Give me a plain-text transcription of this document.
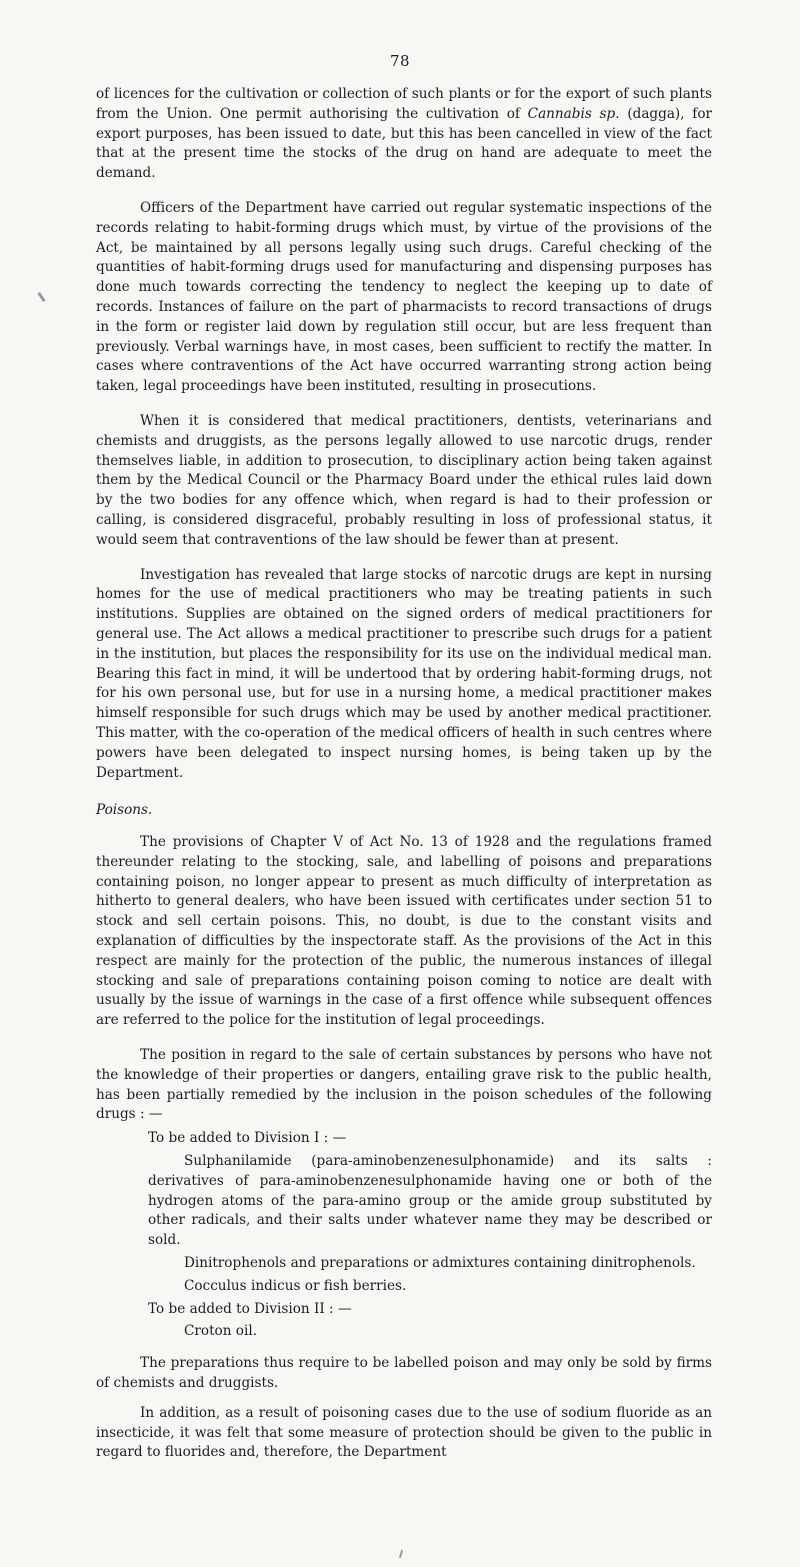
78

of licences for the cultivation or collection of such plants or for the export of such plants from the Union. One permit authorising the cultivation of Cannabis sp. (dagga), for export purposes, has been issued to date, but this has been cancelled in view of the fact that at the present time the stocks of the drug on hand are adequate to meet the demand.

Officers of the Department have carried out regular systematic inspections of the records relating to habit-forming drugs which must, by virtue of the provisions of the Act, be maintained by all persons legally using such drugs. Careful checking of the quantities of habit-forming drugs used for manufacturing and dispensing purposes has done much towards correcting the tendency to neglect the keeping up to date of records. Instances of failure on the part of pharmacists to record transactions of drugs in the form or register laid down by regulation still occur, but are less frequent than previously. Verbal warnings have, in most cases, been sufficient to rectify the matter. In cases where contraventions of the Act have occurred warranting strong action being taken, legal proceedings have been instituted, resulting in prosecutions.

When it is considered that medical practitioners, dentists, veterinarians and chemists and druggists, as the persons legally allowed to use narcotic drugs, render themselves liable, in addition to prosecution, to disciplinary action being taken against them by the Medical Council or the Pharmacy Board under the ethical rules laid down by the two bodies for any offence which, when regard is had to their profession or calling, is considered disgraceful, probably resulting in loss of professional status, it would seem that contraventions of the law should be fewer than at present.

Investigation has revealed that large stocks of narcotic drugs are kept in nursing homes for the use of medical practitioners who may be treating patients in such institutions. Supplies are obtained on the signed orders of medical practitioners for general use. The Act allows a medical practitioner to prescribe such drugs for a patient in the institution, but places the responsibility for its use on the individual medical man. Bearing this fact in mind, it will be undertood that by ordering habit-forming drugs, not for his own personal use, but for use in a nursing home, a medical practitioner makes himself responsible for such drugs which may be used by another medical practitioner. This matter, with the co-operation of the medical officers of health in such centres where powers have been delegated to inspect nursing homes, is being taken up by the Department.

Poisons.

The provisions of Chapter V of Act No. 13 of 1928 and the regulations framed thereunder relating to the stocking, sale, and labelling of poisons and preparations containing poison, no longer appear to present as much difficulty of interpretation as hitherto to general dealers, who have been issued with certificates under section 51 to stock and sell certain poisons. This, no doubt, is due to the constant visits and explanation of difficulties by the inspectorate staff. As the provisions of the Act in this respect are mainly for the protection of the public, the numerous instances of illegal stocking and sale of preparations containing poison coming to notice are dealt with usually by the issue of warnings in the case of a first offence while subsequent offences are referred to the police for the institution of legal proceedings.

The position in regard to the sale of certain substances by persons who have not the knowledge of their properties or dangers, entailing grave risk to the public health, has been partially remedied by the inclusion in the poison schedules of the following drugs : —

To be added to Division I : —

Sulphanilamide (para-aminobenzenesulphonamide) and its salts : derivatives of para-aminobenzenesulphonamide having one or both of the hydrogen atoms of the para-amino group or the amide group substituted by other radicals, and their salts under whatever name they may be described or sold.

Dinitrophenols and preparations or admixtures containing dinitrophenols.

Cocculus indicus or fish berries.

To be added to Division II : —

Croton oil.

The preparations thus require to be labelled poison and may only be sold by firms of chemists and druggists.

In addition, as a result of poisoning cases due to the use of sodium fluoride as an insecticide, it was felt that some measure of protection should be given to the public in regard to fluorides and, therefore, the Department
